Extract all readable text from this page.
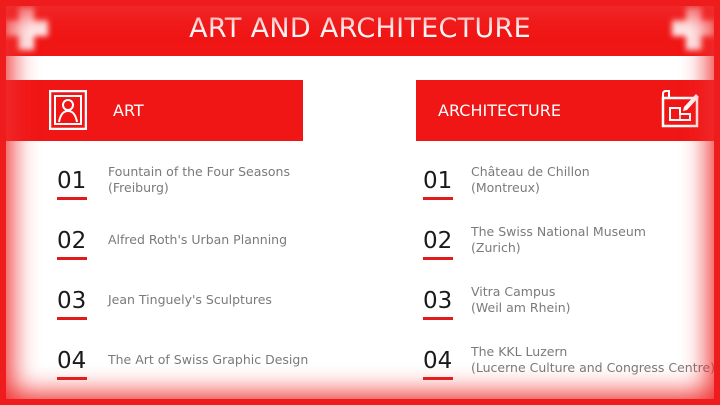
ART AND ARCHITECTURE
ART
01 Fountain of the Four Seasons
(Freiburg)
02 Alfred Roth's Urban Planning
03 Jean Tinguely's Sculptures
04 The Art of Swiss Graphic Design
ARCHITECTURE
01 Château de Chillon
(Montreux)
02 The Swiss National Museum
(Zurich)
03 Vitra Campus
(Weil am Rhein)
04 The KKL Luzern
(Lucerne Culture and Congress Centre)
